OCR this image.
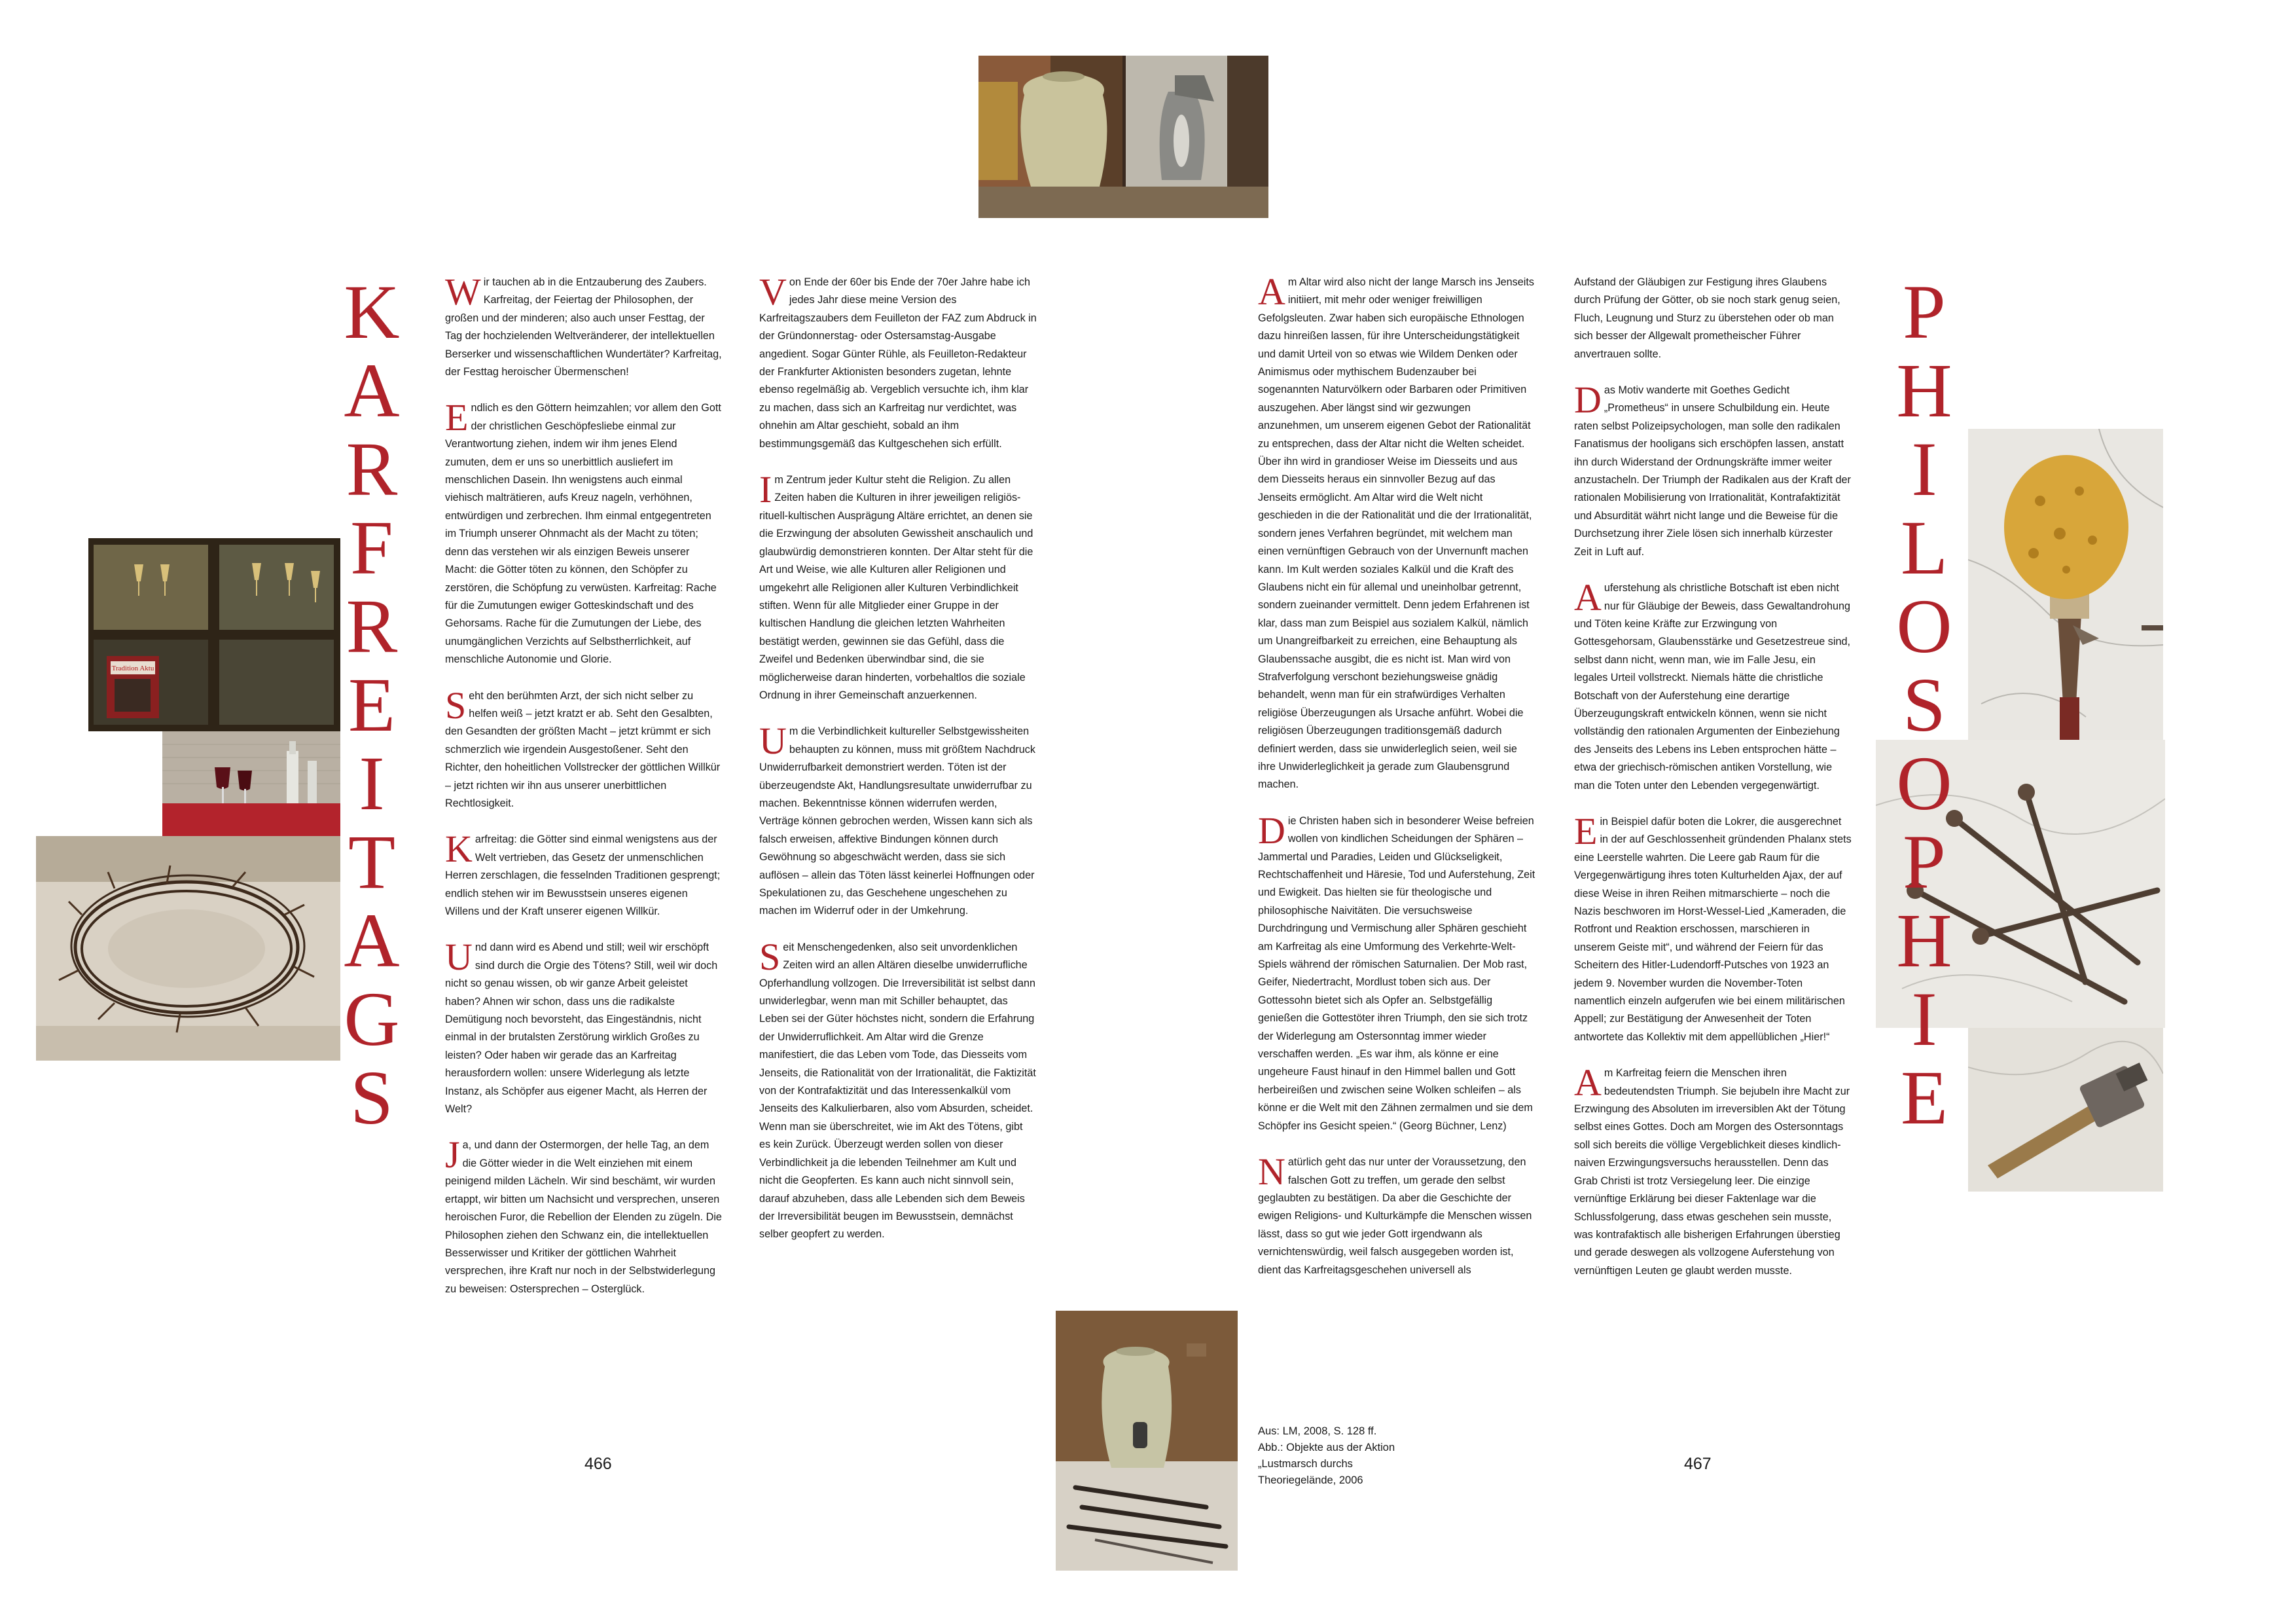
Tradition Aktu
K
A
R
F
R
E
I
T
A
G
S
P
H
I
L
O
S
O
P
H
I
E

Wir tauchen ab in die Entzauberung des Zaubers. Karfreitag, der Feiertag der Philosophen, der großen und der minderen; also auch unser Festtag, der Tag der hochzielenden Weltveränderer, der intellektuellen Berserker und wissenschaftlichen Wundertäter? Karfreitag, der Festtag heroischer Übermenschen!

Endlich es den Göttern heimzahlen; vor allem den Gott der christlichen Geschöpfesliebe einmal zur Verantwortung ziehen, indem wir ihm jenes Elend zumuten, dem er uns so unerbittlich ausliefert im menschlichen Dasein. Ihn wenigstens auch einmal viehisch malträtieren, aufs Kreuz nageln, verhöhnen, entwürdigen und zerbrechen. Ihm einmal entgegentreten im Triumph unserer Ohnmacht als der Macht zu töten; denn das verstehen wir als einzigen Beweis unserer Macht: die Götter töten zu können, den Schöpfer zu zerstören, die Schöpfung zu verwüsten. Karfreitag: Rache für die Zumutungen ewiger Gotteskindschaft und des Gehorsams. Rache für die Zumutungen der Liebe, des unumgänglichen Verzichts auf Selbstherrlichkeit, auf menschliche Autonomie und Glorie.

Seht den berühmten Arzt, der sich nicht selber zu helfen weiß – jetzt kratzt er ab. Seht den Gesalbten, den Gesandten der größten Macht – jetzt krümmt er sich schmerzlich wie irgendein Ausgestoßener. Seht den Richter, den hoheitlichen Vollstrecker der göttlichen Willkür – jetzt richten wir ihn aus unserer unerbittlichen Rechtlosigkeit.

Karfreitag: die Götter sind einmal wenigstens aus der Welt vertrieben, das Gesetz der unmenschlichen Herren zerschlagen, die fesselnden Traditionen gesprengt; endlich stehen wir im Bewusstsein unseres eigenen Willens und der Kraft unserer eigenen Willkür.

Und dann wird es Abend und still; weil wir erschöpft sind durch die Orgie des Tötens? Still, weil wir doch nicht so genau wissen, ob wir ganze Arbeit geleistet haben? Ahnen wir schon, dass uns die radikalste Demütigung noch bevorsteht, das Eingeständnis, nicht einmal in der brutalsten Zerstörung wirklich Großes zu leisten? Oder haben wir gerade das an Karfreitag herausfordern wollen: unsere Widerlegung als letzte Instanz, als Schöpfer aus eigener Macht, als Herren der Welt?

Ja, und dann der Ostermorgen, der helle Tag, an dem die Götter wieder in die Welt einziehen mit einem peinigend milden Lächeln. Wir sind beschämt, wir wurden ertappt, wir bitten um Nachsicht und versprechen, unseren heroischen Furor, die Rebellion der Elenden zu zügeln. Die Philosophen ziehen den Schwanz ein, die intellektuellen Besserwisser und Kritiker der göttlichen Wahrheit versprechen, ihre Kraft nur noch in der Selbstwiderlegung zu beweisen: Ostersprechen – Osterglück.

Von Ende der 60er bis Ende der 70er Jahre habe ich jedes Jahr diese meine Version des Karfreitagszaubers dem Feuilleton der FAZ zum Abdruck in der Gründonnerstag- oder Ostersamstag-Ausgabe angedient. Sogar Günter Rühle, als Feuilleton-Redakteur der Frankfurter Aktionisten besonders zugetan, lehnte ebenso regelmäßig ab. Vergeblich versuchte ich, ihm klar zu machen, dass sich an Karfreitag nur verdichtet, was ohnehin am Altar geschieht, sobald an ihm bestimmungsgemäß das Kultgeschehen sich erfüllt.

Im Zentrum jeder Kultur steht die Religion. Zu allen Zeiten haben die Kulturen in ihrer jeweiligen religiös-rituell-kultischen Ausprägung Altäre errichtet, an denen sie die Erzwingung der absoluten Gewissheit anschaulich und glaubwürdig demonstrieren konnten. Der Altar steht für die Art und Weise, wie alle Kulturen aller Religionen und umgekehrt alle Religionen aller Kulturen Verbindlichkeit stiften. Wenn für alle Mitglieder einer Gruppe in der kultischen Handlung die gleichen letzten Wahrheiten bestätigt werden, gewinnen sie das Gefühl, dass die Zweifel und Bedenken überwindbar sind, die sie möglicherweise daran hinderten, vorbehaltlos die soziale Ordnung in ihrer Gemeinschaft anzuerkennen.

Um die Verbindlichkeit kultureller Selbstgewissheiten behaupten zu können, muss mit größtem Nachdruck Unwiderrufbarkeit demonstriert werden. Töten ist der überzeugendste Akt, Handlungsresultate unwiderrufbar zu machen. Bekenntnisse können widerrufen werden, Verträge können gebrochen werden, Wissen kann sich als falsch erweisen, affektive Bindungen können durch Gewöhnung so abgeschwächt werden, dass sie sich auflösen – allein das Töten lässt keinerlei Hoffnungen oder Spekulationen zu, das Geschehene ungeschehen zu machen im Widerruf oder in der Umkehrung.

Seit Menschengedenken, also seit unvordenklichen Zeiten wird an allen Altären dieselbe unwiderrufliche Opferhandlung vollzogen. Die Irreversibilität ist selbst dann unwiderlegbar, wenn man mit Schiller behauptet, das Leben sei der Güter höchstes nicht, sondern die Erfahrung der Unwiderruflichkeit. Am Altar wird die Grenze manifestiert, die das Leben vom Tode, das Diesseits vom Jenseits, die Rationalität von der Irrationalität, die Faktizität von der Kontrafaktizität und das Interessenkalkül vom Jenseits des Kalkulierbaren, also vom Absurden, scheidet. Wenn man sie überschreitet, wie im Akt des Tötens, gibt es kein Zurück. Überzeugt werden sollen von dieser Verbindlichkeit ja die lebenden Teilnehmer am Kult und nicht die Geopferten. Es kann auch nicht sinnvoll sein, darauf abzuheben, dass alle Lebenden sich dem Beweis der Irreversibilität beugen im Bewusstsein, demnächst selber geopfert zu werden.

Am Altar wird also nicht der lange Marsch ins Jenseits initiiert, mit mehr oder weniger freiwilligen Gefolgsleuten. Zwar haben sich europäische Ethnologen dazu hinreißen lassen, für ihre Unterscheidungstätigkeit und damit Urteil von so etwas wie Wildem Denken oder Animismus oder mythischem Budenzauber bei sogenannten Naturvölkern oder Barbaren oder Primitiven auszugehen. Aber längst sind wir gezwungen anzunehmen, um unserem eigenen Gebot der Rationalität zu entsprechen, dass der Altar nicht die Welten scheidet. Über ihn wird in grandioser Weise im Diesseits und aus dem Diesseits heraus ein sinnvoller Bezug auf das Jenseits ermöglicht. Am Altar wird die Welt nicht geschieden in die der Rationalität und die der Irrationalität, sondern jenes Verfahren begründet, mit welchem man einen vernünftigen Gebrauch von der Unvernunft machen kann. Im Kult werden soziales Kalkül und die Kraft des Glaubens nicht ein für allemal und uneinholbar getrennt, sondern zueinander vermittelt. Denn jedem Erfahrenen ist klar, dass man zum Beispiel aus sozialem Kalkül, nämlich um Unangreifbarkeit zu erreichen, eine Behauptung als Glaubenssache ausgibt, die es nicht ist. Man wird von Strafverfolgung verschont beziehungsweise gnädig behandelt, wenn man für ein strafwürdiges Verhalten religiöse Überzeugungen als Ursache anführt. Wobei die religiösen Überzeugungen traditionsgemäß dadurch definiert werden, dass sie unwiderleglich seien, weil sie ihre Unwiderleglichkeit ja gerade zum Glaubensgrund machen.

Die Christen haben sich in besonderer Weise befreien wollen von kindlichen Scheidungen der Sphären – Jammertal und Paradies, Leiden und Glückseligkeit, Rechtschaffenheit und Häresie, Tod und Auferstehung, Zeit und Ewigkeit. Das hielten sie für theologische und philosophische Naivitäten. Die versuchsweise Durchdringung und Vermischung aller Sphären geschieht am Karfreitag als eine Umformung des Verkehrte-Welt-Spiels während der römischen Saturnalien. Der Mob rast, Geifer, Niedertracht, Mordlust toben sich aus. Der Gottessohn bietet sich als Opfer an. Selbstgefällig genießen die Gottestöter ihren Triumph, den sie sich trotz der Widerlegung am Ostersonntag immer wieder verschaffen werden. „Es war ihm, als könne er eine ungeheure Faust hinauf in den Himmel ballen und Gott herbeireißen und zwischen seine Wolken schleifen – als könne er die Welt mit den Zähnen zermalmen und sie dem Schöpfer ins Gesicht speien.“ (Georg Büchner, Lenz)

Natürlich geht das nur unter der Voraussetzung, den falschen Gott zu treffen, um gerade den selbst geglaubten zu bestätigen. Da aber die Geschichte der ewigen Religions- und Kulturkämpfe die Menschen wissen lässt, dass so gut wie jeder Gott irgendwann als vernichtenswürdig, weil falsch ausgegeben worden ist, dient das Karfreitagsgeschehen universell als

Aufstand der Gläubigen zur Festigung ihres Glaubens durch Prüfung der Götter, ob sie noch stark genug seien, Fluch, Leugnung und Sturz zu überstehen oder ob man sich besser der Allgewalt prometheischer Führer anvertrauen sollte.

Das Motiv wanderte mit Goethes Gedicht „Prometheus“ in unsere Schulbildung ein. Heute raten selbst Polizeipsychologen, man solle den radikalen Fanatismus der hooligans sich erschöpfen lassen, anstatt ihn durch Widerstand der Ordnungskräfte immer weiter anzustacheln. Der Triumph der Radikalen aus der Kraft der rationalen Mobilisierung von Irrationalität, Kontrafaktizität und Absurdität währt nicht lange und die Beweise für die Durchsetzung ihrer Ziele lösen sich innerhalb kürzester Zeit in Luft auf.

Auferstehung als christliche Botschaft ist eben nicht nur für Gläubige der Beweis, dass Gewaltandrohung und Töten keine Kräfte zur Erzwingung von Gottesgehorsam, Glaubensstärke und Gesetzestreue sind, selbst dann nicht, wenn man, wie im Falle Jesu, ein legales Urteil vollstreckt. Niemals hätte die christliche Botschaft von der Auferstehung eine derartige Überzeugungskraft entwickeln können, wenn sie nicht vollständig den rationalen Argumenten der Einbeziehung des Jenseits des Lebens ins Leben entsprochen hätte – etwa der griechisch-römischen antiken Vorstellung, wie man die Toten unter den Lebenden vergegenwärtigt.

Ein Beispiel dafür boten die Lokrer, die ausgerechnet in der auf Geschlossenheit gründenden Phalanx stets eine Leerstelle wahrten. Die Leere gab Raum für die Vergegenwärtigung ihres toten Kulturhelden Ajax, der auf diese Weise in ihren Reihen mitmarschierte – noch die Nazis beschworen im Horst-Wessel-Lied „Kameraden, die Rotfront und Reaktion erschossen, marschieren in unserem Geiste mit“, und während der Feiern für das Scheitern des Hitler-Ludendorff-Putsches von 1923 an jedem 9. November wurden die November-Toten namentlich einzeln aufgerufen wie bei einem militärischen Appell; zur Bestätigung der Anwesenheit der Toten antwortete das Kollektiv mit dem appellüblichen „Hier!“

Am Karfreitag feiern die Menschen ihren bedeutendsten Triumph. Sie bejubeln ihre Macht zur Erzwingung des Absoluten im irreversiblen Akt der Tötung selbst eines Gottes. Doch am Morgen des Ostersonntags soll sich bereits die völlige Vergeblichkeit dieses kindlich-naiven Erzwingungsversuchs herausstellen. Denn das Grab Christi ist trotz Versiegelung leer. Die einzige vernünftige Erklärung bei dieser Faktenlage war die Schlussfolgerung, dass etwas geschehen sein musste, was kontrafaktisch alle bisherigen Erfahrungen überstieg und gerade deswegen als vollzogene Auferstehung von vernünftigen Leuten ge glaubt werden musste.

Aus: LM, 2008, S. 128 ff.
Abb.: Objekte aus der Aktion
„Lustmarsch durchs
Theoriegelände, 2006
466	467
